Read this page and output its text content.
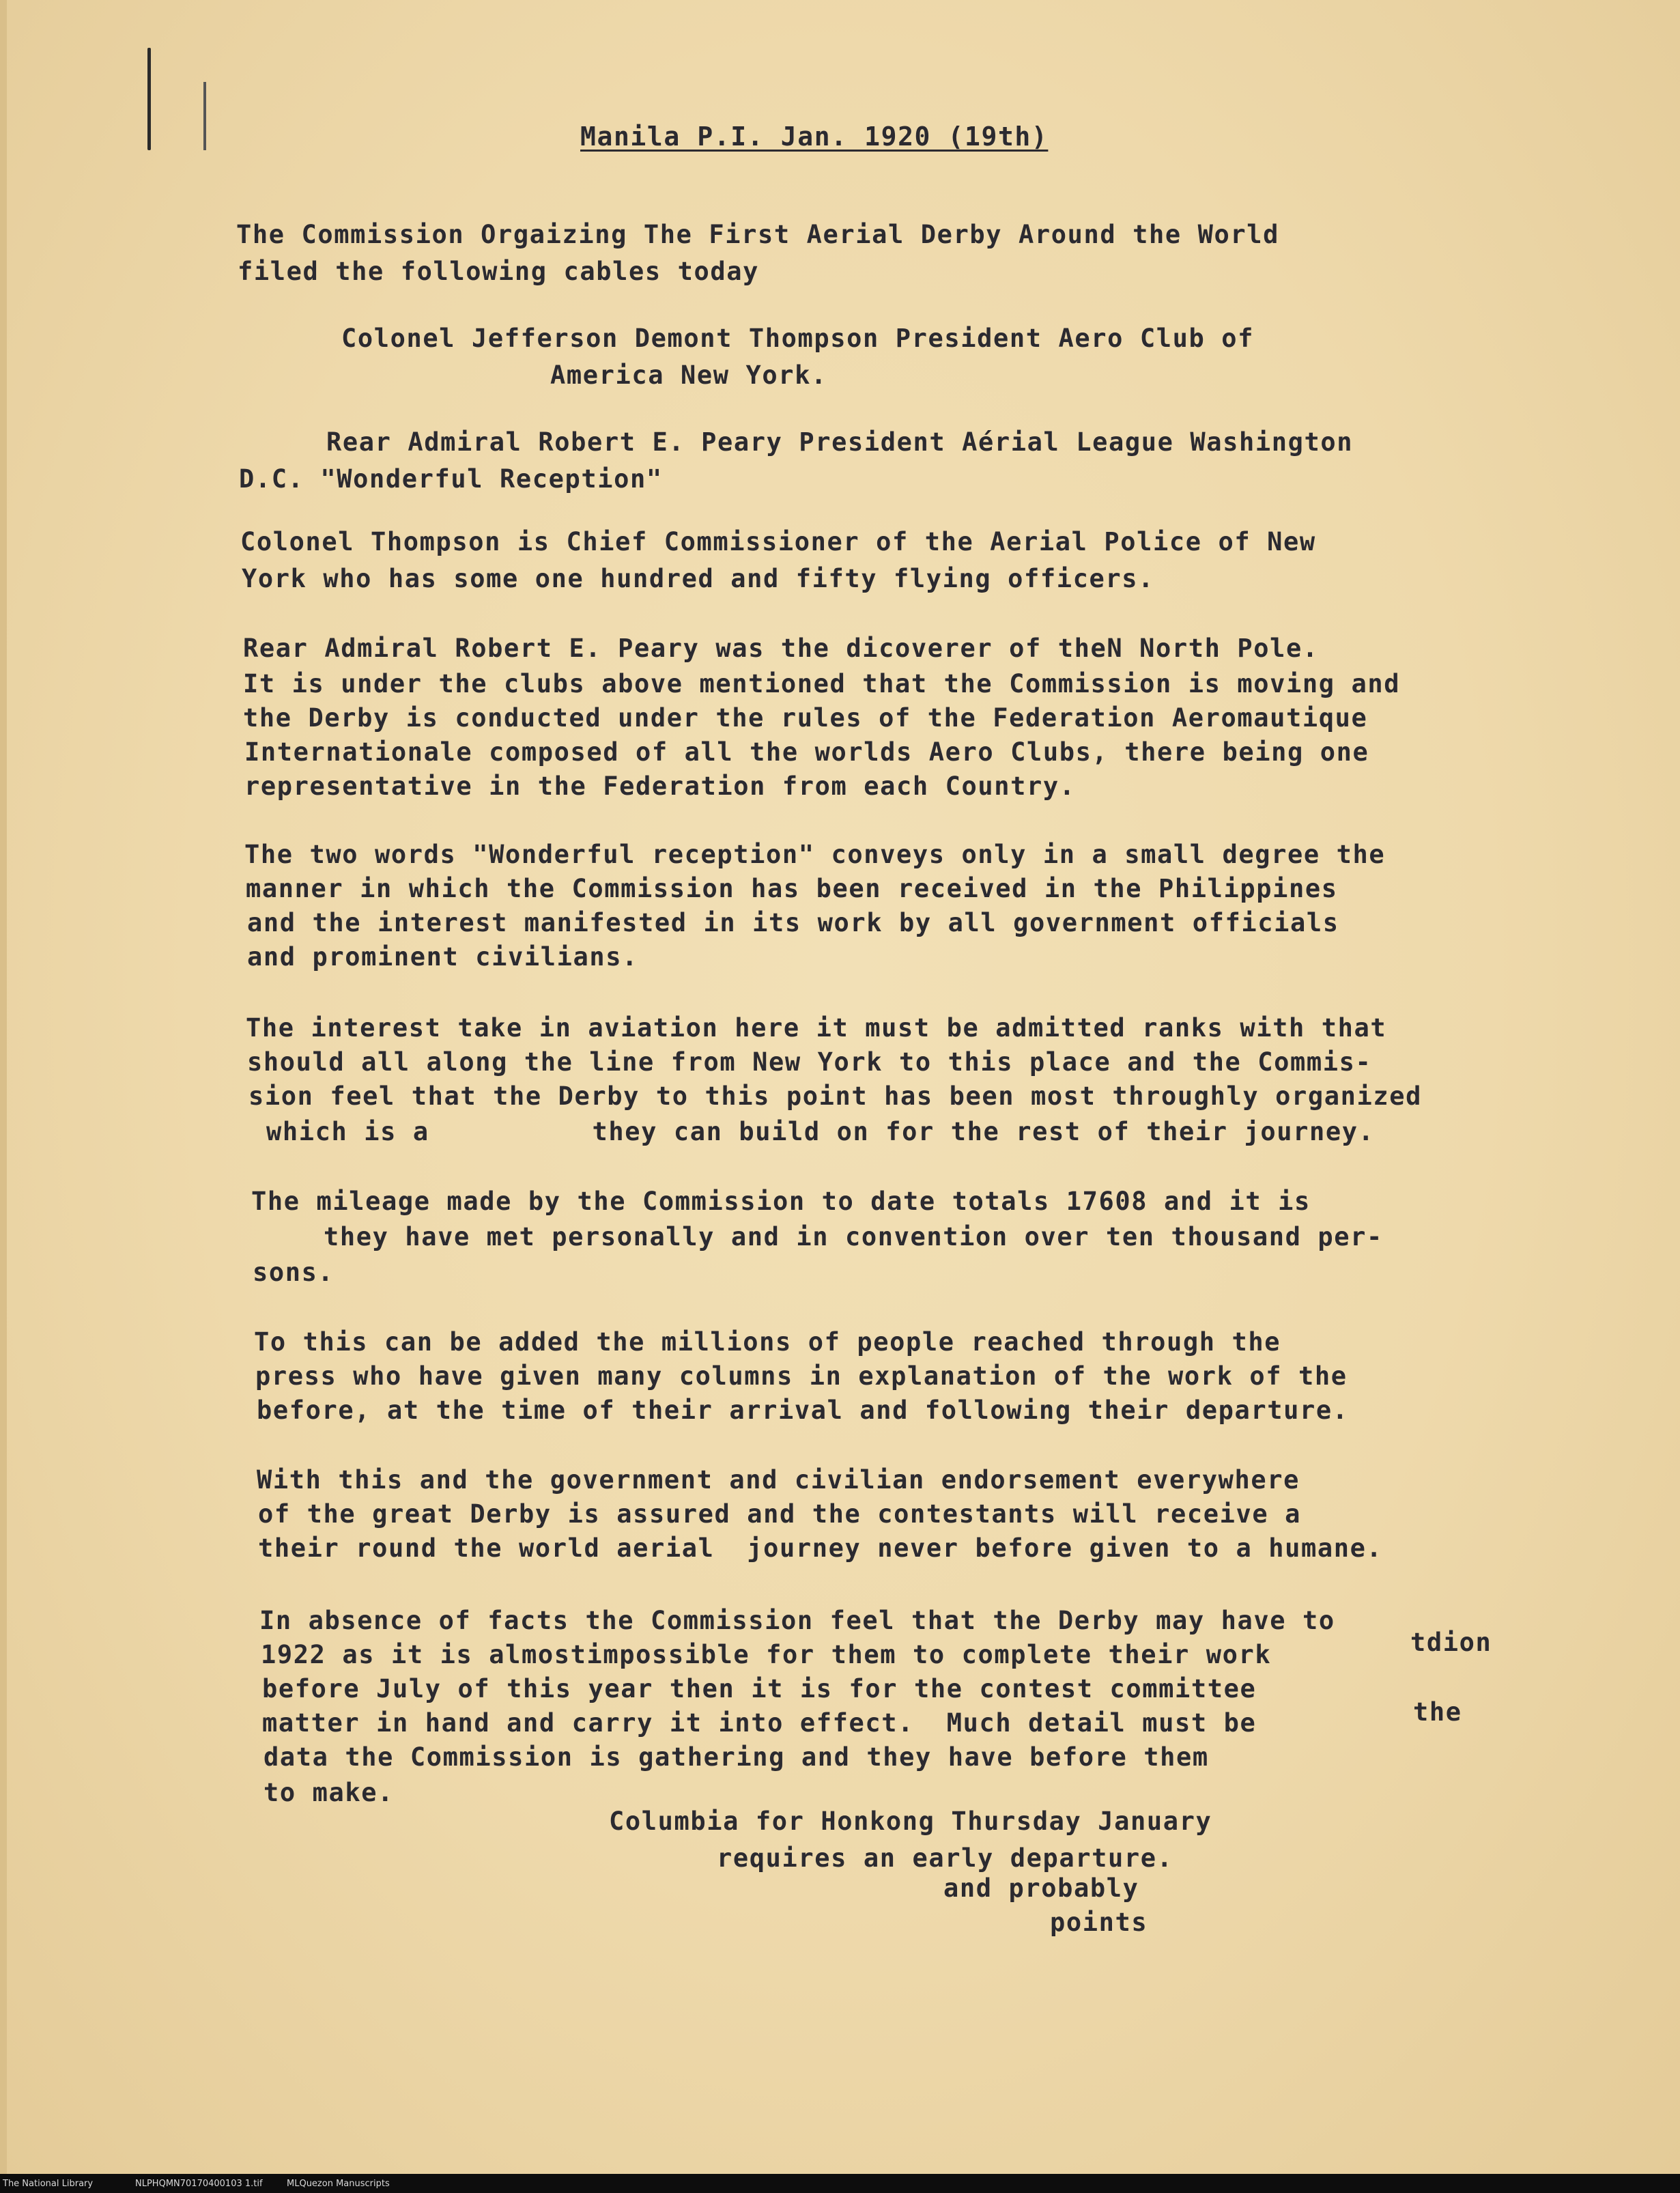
Manila P.I. Jan. 1920 (19th)
The Commission Orgaizing The First Aerial Derby Around the World
filed the following cables today
Colonel Jefferson Demont Thompson President Aero Club of
America New York.
Rear Admiral Robert E. Peary President Aérial League Washington
D.C. "Wonderful Reception"
Colonel Thompson is Chief Commissioner of the Aerial Police of New
York who has some one hundred and fifty flying officers.
Rear Admiral Robert E. Peary was the dicoverer of theN North Pole.
It is under the clubs above mentioned that the Commission is moving and
the Derby is conducted under the rules of the Federation Aeromautique
Internationale composed of all the worlds Aero Clubs, there being one
representative in the Federation from each Country.
The two words "Wonderful reception" conveys only in a small degree the
manner in which the Commission has been received in the Philippines
and the interest manifested in its work by all government officials
and prominent civilians.
The interest take in aviation here it must be admitted ranks with that
should all along the line from New York to this place and the Commis-
sion feel that the Derby to this point has been most throughly organized
which is a          they can build on for the rest of their journey.
The mileage made by the Commission to date totals 17608 and it is
they have met personally and in convention over ten thousand per-
sons.
To this can be added the millions of people reached through the
press who have given many columns in explanation of the work of the
before, at the time of their arrival and following their departure.
With this and the government and civilian endorsement everywhere
of the great Derby is assured and the contestants will receive a
their round the world aerial  journey never before given to a humane.
In absence of facts the Commission feel that the Derby may have to
1922 as it is almostimpossible for them to complete their work	tdion
before July of this year then it is for the contest committee
matter in hand and carry it into effect.  Much detail must be	the
data the Commission is gathering and they have before them
to make.
Columbia for Honkong Thursday January
requires an early departure.
and probably
points
The National Library	NLPHQMN70170400103 1.tif	MLQuezon Manuscripts
